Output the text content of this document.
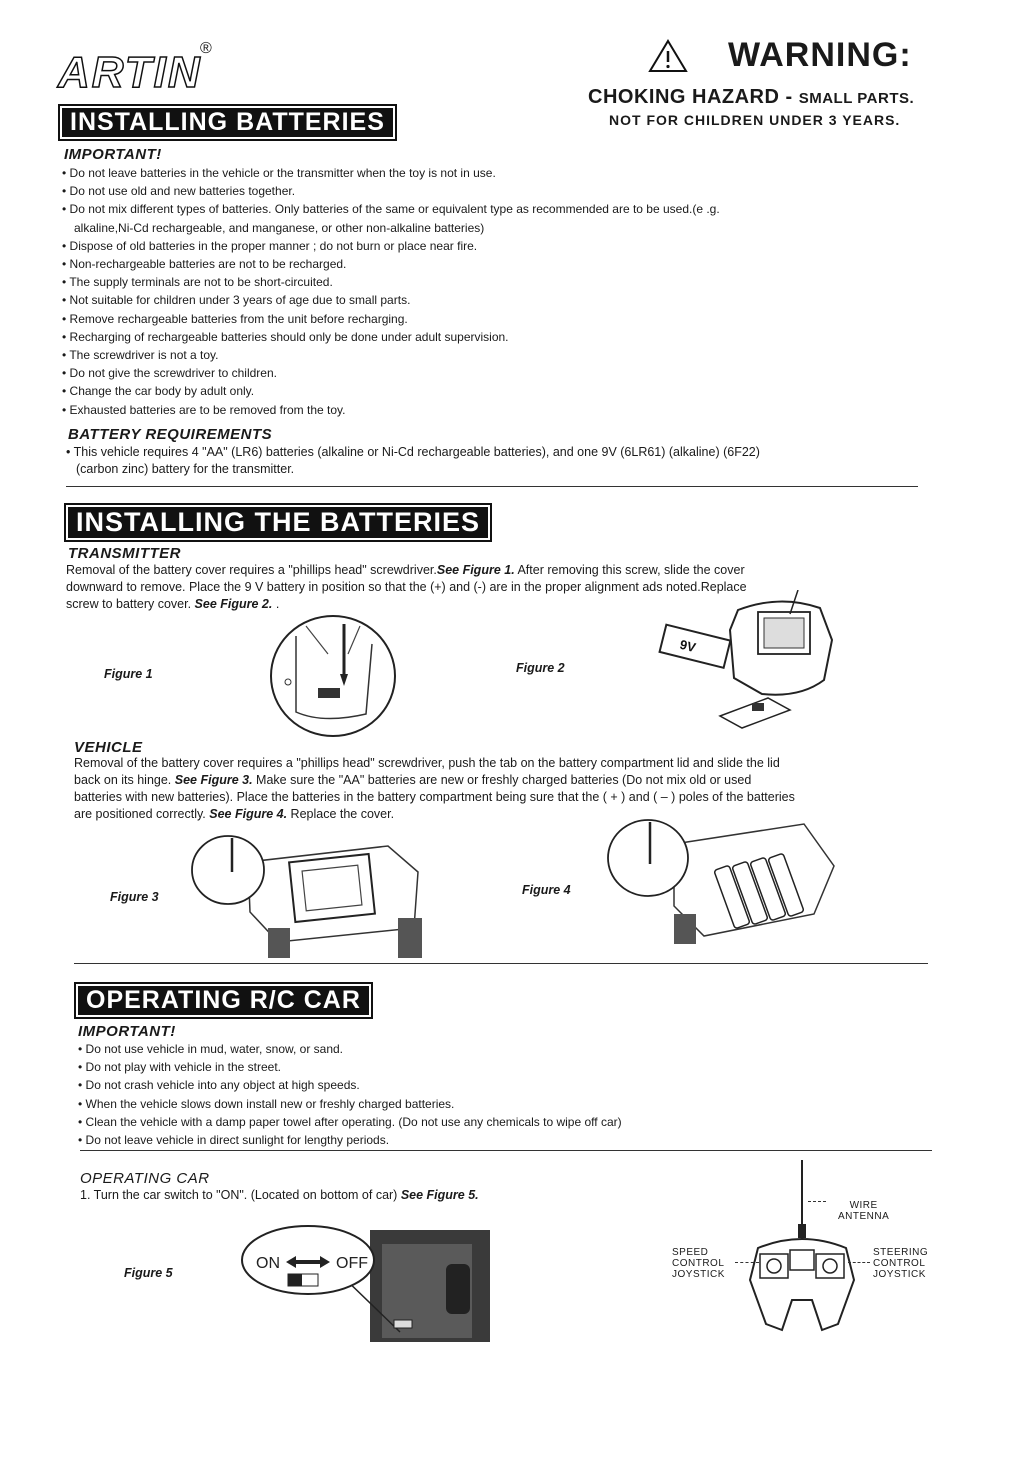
ARTIN
®	WARNING:
CHOKING HAZARD - SMALL PARTS.
NOT FOR CHILDREN UNDER 3 YEARS.
INSTALLING BATTERIES
IMPORTANT!
• Do not leave batteries in the vehicle or the transmitter when the toy is not in use.
• Do not use old and new batteries together.
• Do not mix different types of batteries. Only batteries of the same or equivalent type as recommended are to be used.(e .g.
alkaline,Ni-Cd rechargeable, and manganese, or other non-alkaline batteries)
• Dispose of old batteries in the proper manner ; do not burn or place near fire.
• Non-rechargeable batteries are not to be recharged.
• The supply terminals are not to be short-circuited.
• Not suitable for children under 3 years of age due to small parts.
• Remove rechargeable batteries from the unit before recharging.
• Recharging of rechargeable batteries should only be done under adult supervision.
• The screwdriver is not a toy.
• Do not give the screwdriver to children.
• Change the car body by adult only.
• Exhausted batteries are to be removed from the toy.
BATTERY REQUIREMENTS
• This vehicle requires 4 "AA" (LR6) batteries (alkaline or Ni-Cd rechargeable batteries), and one 9V (6LR61) (alkaline) (6F22)
(carbon zinc) battery for the transmitter.
INSTALLING THE BATTERIES
TRANSMITTER
Removal of the battery cover requires a "phillips head" screwdriver.See Figure 1. After removing this screw, slide the cover
downward to remove. Place the 9 V battery in position so that the (+) and (-) are in the proper alignment ads noted.Replace
screw to battery cover. See Figure 2. .
Figure 1	Figure 2
9V
VEHICLE
Removal of the battery cover requires a "phillips head" screwdriver, push the tab on the battery compartment lid and slide the lid
back on its hinge. See Figure 3. Make sure the "AA" batteries are new or freshly charged batteries (Do not mix old or used
batteries with new batteries). Place the batteries in the battery compartment being sure that the ( + ) and ( – ) poles of the batteries
are positioned correctly. See Figure 4. Replace the cover.
Figure 3	Figure 4
OPERATING R/C CAR
IMPORTANT!
• Do not use vehicle in mud, water, snow, or sand.
• Do not play with vehicle in the street.
• Do not crash vehicle into any object at high speeds.
• When the vehicle slows down install new or freshly charged batteries.
• Clean the vehicle with a damp paper towel after operating. (Do not use any chemicals to wipe off car)
• Do not leave vehicle in direct sunlight for lengthy periods.
OPERATING CAR
1. Turn the car switch to "ON". (Located on bottom of car) See Figure 5.
Figure 5
ON	OFF
WIRE
ANTENNA
SPEED
CONTROL
JOYSTICK
STEERING
CONTROL
JOYSTICK
